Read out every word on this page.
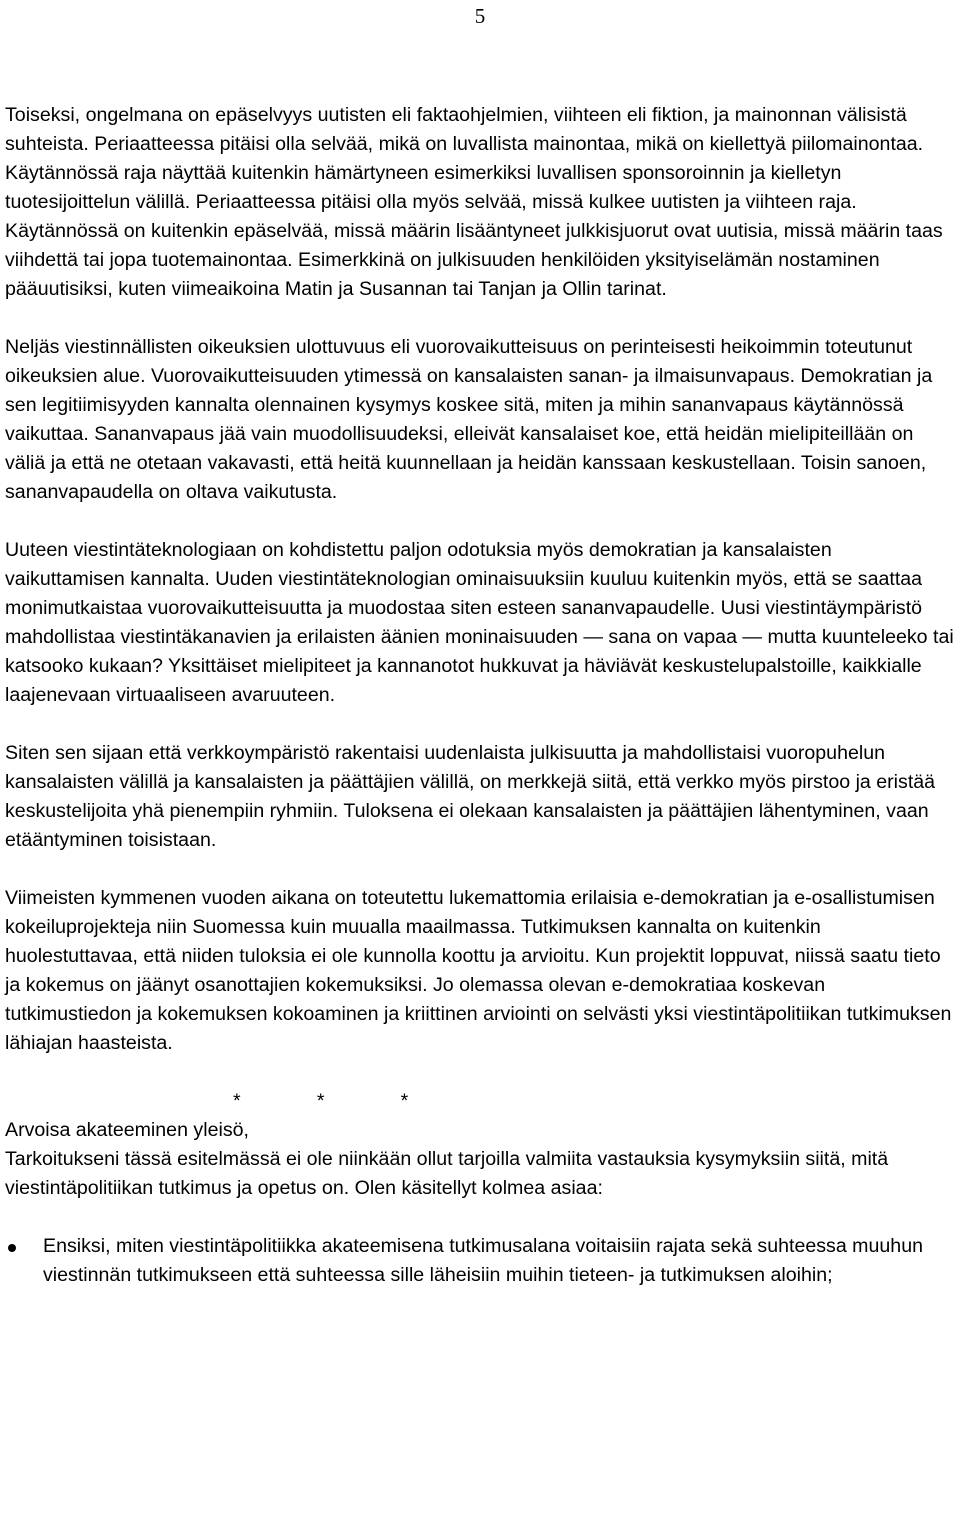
5

Toiseksi, ongelmana on epäselvyys uutisten eli faktaohjelmien, viihteen eli fiktion, ja mainonnan välisistä suhteista. Periaatteessa pitäisi olla selvää, mikä on luvallista mainontaa, mikä on kiellettyä piilomainontaa. Käytännössä raja näyttää kuitenkin hämärtyneen esimerkiksi luvallisen sponsoroinnin ja kielletyn tuotesijoittelun välillä. Periaatteessa pitäisi olla myös selvää, missä kulkee uutisten ja viihteen raja. Käytännössä on kuitenkin epäselvää, missä määrin lisääntyneet julkkisjuorut ovat uutisia, missä määrin taas viihdettä tai jopa tuotemainontaa. Esimerkkinä on julkisuuden henkilöiden yksityiselämän nostaminen pääuutisiksi, kuten viimeaikoina Matin ja Susannan tai Tanjan ja Ollin tarinat.

Neljäs viestinnällisten oikeuksien ulottuvuus eli vuorovaikutteisuus on perinteisesti heikoimmin toteutunut oikeuksien alue. Vuorovaikutteisuuden ytimessä on kansalaisten sanan- ja ilmaisunvapaus. Demokratian ja sen legitiimisyyden kannalta olennainen kysymys koskee sitä, miten ja mihin sananvapaus käytännössä vaikuttaa. Sananvapaus jää vain muodollisuudeksi, elleivät kansalaiset koe, että heidän mielipiteillään on väliä ja että ne otetaan vakavasti, että heitä kuunnellaan ja heidän kanssaan keskustellaan. Toisin sanoen, sananvapaudella on oltava vaikutusta.

Uuteen viestintäteknologiaan on kohdistettu paljon odotuksia myös demokratian ja kansalaisten vaikuttamisen kannalta. Uuden viestintäteknologian ominaisuuksiin kuuluu kuitenkin myös, että se saattaa monimutkaistaa vuorovaikutteisuutta ja muodostaa siten esteen sananvapaudelle. Uusi viestintäympäristö mahdollistaa viestintäkanavien ja erilaisten äänien moninaisuuden — sana on vapaa — mutta kuunteleeko tai katsooko kukaan? Yksittäiset mielipiteet ja kannanotot hukkuvat ja häviävät keskustelupalstoille, kaikkialle laajenevaan virtuaaliseen avaruuteen.

Siten sen sijaan että verkkoympäristö rakentaisi uudenlaista julkisuutta ja mahdollistaisi vuoropuhelun kansalaisten välillä ja kansalaisten ja päättäjien välillä, on merkkejä siitä, että verkko myös pirstoo ja eristää keskustelijoita yhä pienempiin ryhmiin. Tuloksena ei olekaan kansalaisten ja päättäjien lähentyminen, vaan etääntyminen toisistaan.

Viimeisten kymmenen vuoden aikana on toteutettu lukemattomia erilaisia e-demokratian ja e-osallistumisen kokeiluprojekteja niin Suomessa kuin muualla maailmassa. Tutkimuksen kannalta on kuitenkin huolestuttavaa, että niiden tuloksia ei ole kunnolla koottu ja arvioitu. Kun projektit loppuvat, niissä saatu tieto ja kokemus on jäänyt osanottajien kokemuksiksi. Jo olemassa olevan e-demokratiaa koskevan tutkimustiedon ja kokemuksen kokoaminen ja kriittinen arviointi on selvästi yksi viestintäpolitiikan tutkimuksen lähiajan haasteista.

*              *              *
Arvoisa akateeminen yleisö,
Tarkoitukseni tässä esitelmässä ei ole niinkään ollut tarjoilla valmiita vastauksia kysymyksiin siitä, mitä viestintäpolitiikan tutkimus ja opetus on. Olen käsitellyt kolmea asiaa:
Ensiksi, miten viestintäpolitiikka akateemisena tutkimusalana voitaisiin rajata sekä suhteessa muuhun viestinnän tutkimukseen että suhteessa sille läheisiin muihin tieteen- ja tutkimuksen aloihin;
